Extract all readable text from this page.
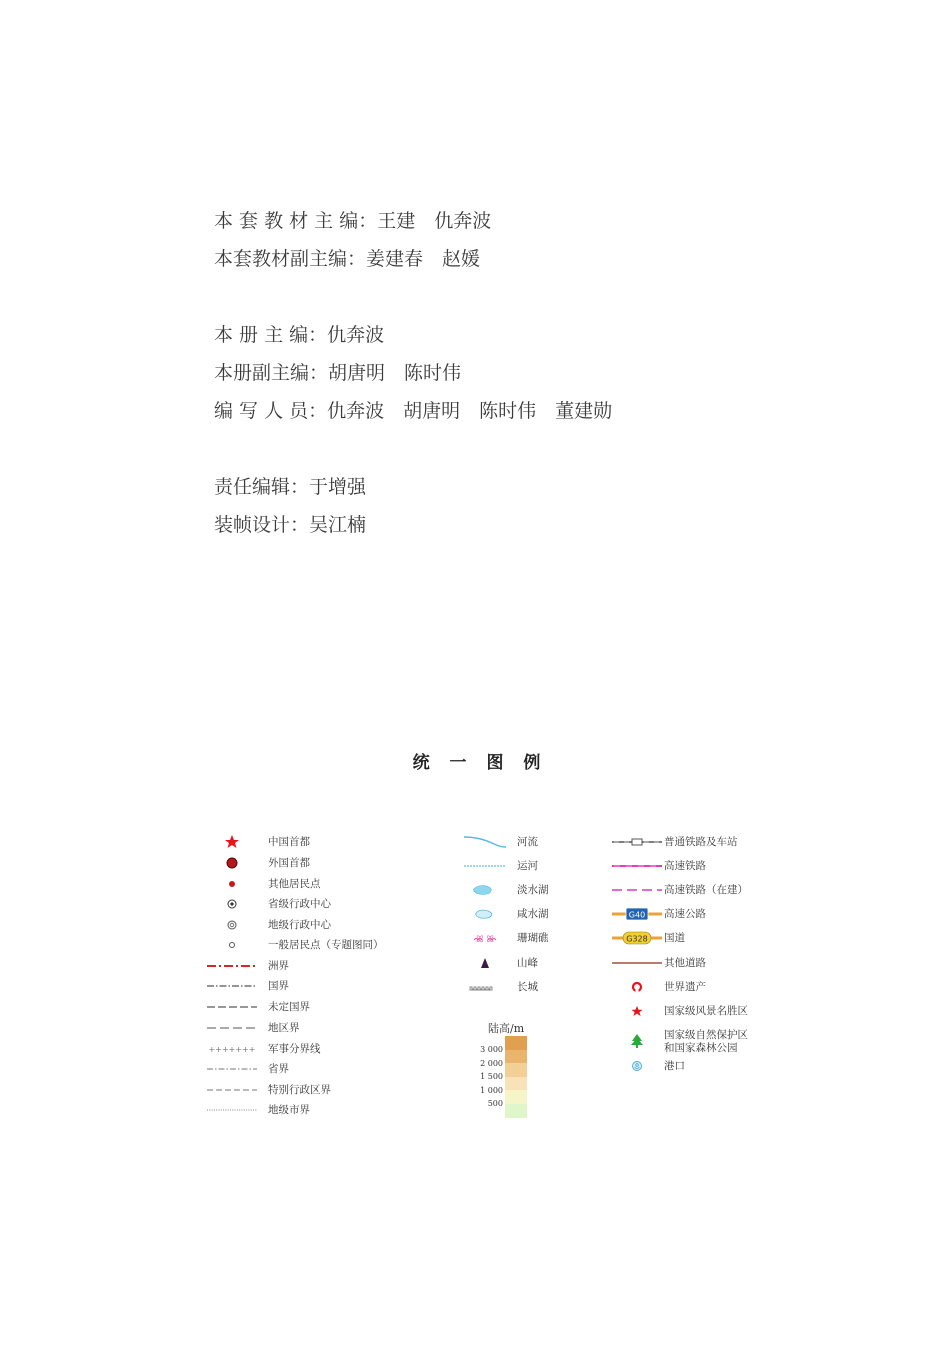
本 套 教 材 主 编：王建　仇奔波
本套教材副主编：姜建春　赵媛
本 册 主 编：仇奔波
本册副主编：胡唐明　陈时伟
编 写 人 员：仇奔波　胡唐明　陈时伟　董建勋
责任编辑：于增强
装帧设计：吴江楠
统 一 图 例
中国首都
外国首都
其他居民点
省级行政中心
地级行政中心
一般居民点（专题图同）
洲界
国界
未定国界
地区界
+++++++ 军事分界线
省界
特别行政区界
地级市界
河流
运河
淡水湖
咸水湖
ꕤ ꕤ 珊瑚礁
山峰
长城
普通铁路及车站
高速铁路
高速铁路（在建）
G40 高速公路
G328 国道
其他道路
世界遗产
国家级风景名胜区
国家级自然保护区
和国家森林公园
港口
陆高/m
3 000
2 000
1 500
1 000
500
